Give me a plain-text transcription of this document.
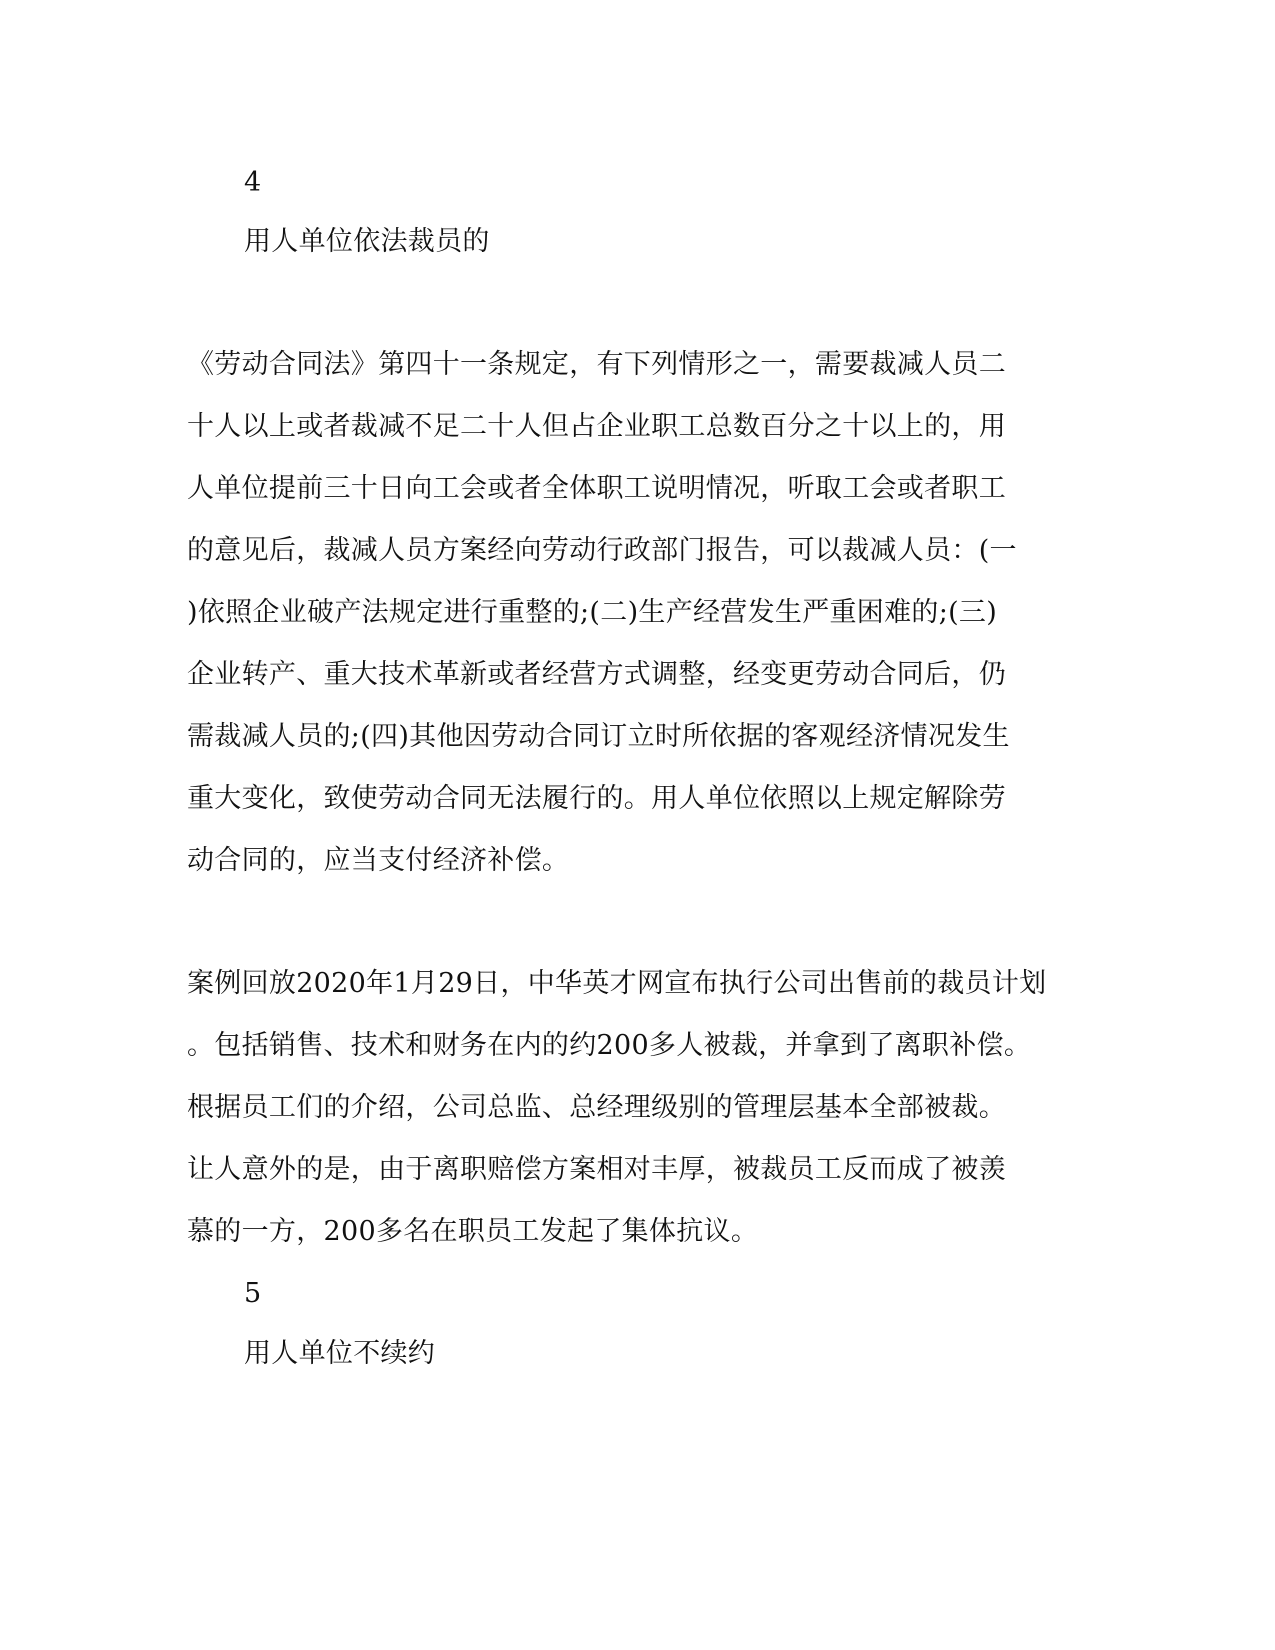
4
用人单位依法裁员的
《劳动合同法》第四十一条规定，有下列情形之一，需要裁减人员二
十人以上或者裁减不足二十人但占企业职工总数百分之十以上的，用
人单位提前三十日向工会或者全体职工说明情况，听取工会或者职工
的意见后，裁减人员方案经向劳动行政部门报告，可以裁减人员：(一
)依照企业破产法规定进行重整的;(二)生产经营发生严重困难的;(三)
企业转产、重大技术革新或者经营方式调整，经变更劳动合同后，仍
需裁减人员的;(四)其他因劳动合同订立时所依据的客观经济情况发生
重大变化，致使劳动合同无法履行的。用人单位依照以上规定解除劳
动合同的，应当支付经济补偿。
案例回放2020年1月29日，中华英才网宣布执行公司出售前的裁员计划
。包括销售、技术和财务在内的约200多人被裁，并拿到了离职补偿。
根据员工们的介绍，公司总监、总经理级别的管理层基本全部被裁。
让人意外的是，由于离职赔偿方案相对丰厚，被裁员工反而成了被羡
慕的一方，200多名在职员工发起了集体抗议。
5
用人单位不续约
